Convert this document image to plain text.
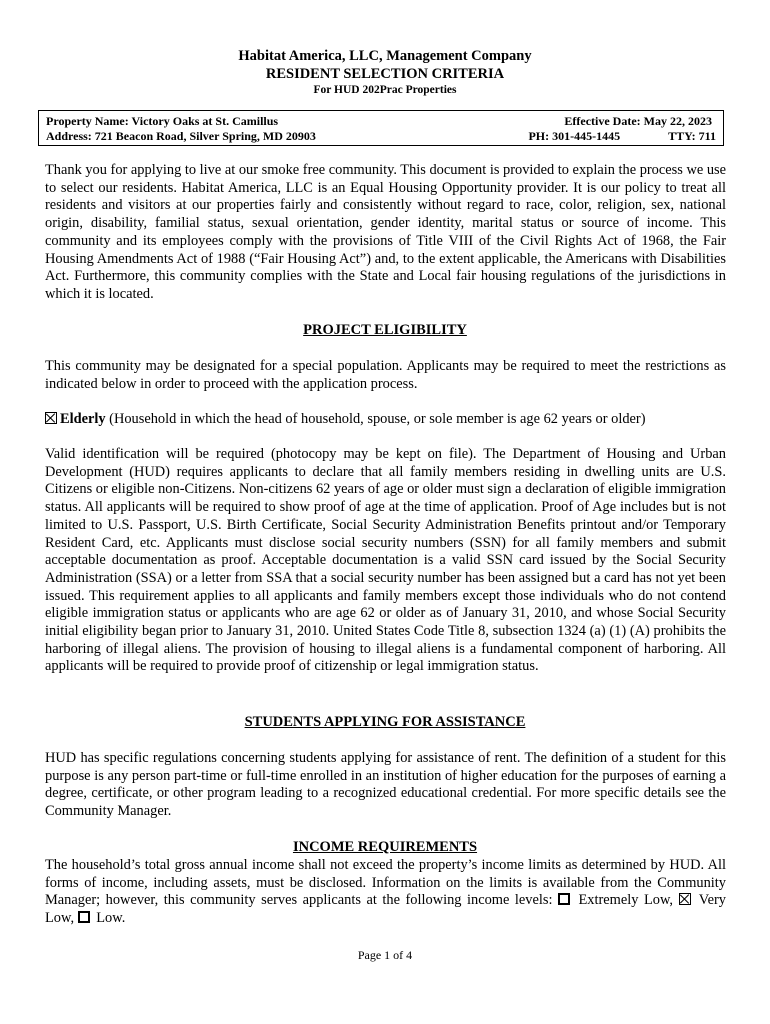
Habitat America, LLC, Management Company
RESIDENT SELECTION CRITERIA
For HUD 202Prac Properties
Property Name: Victory Oaks at St. Camillus	Effective Date: May 22, 2023
Address: 721 Beacon Road, Silver Spring, MD 20903	PH: 301-445-1445	TTY: 711

Thank you for applying to live at our smoke free community. This document is provided to explain the process we use to select our residents. Habitat America, LLC is an Equal Housing Opportunity provider. It is our policy to treat all residents and visitors at our properties fairly and consistently without regard to race, color, religion, sex, national origin, disability, familial status, sexual orientation, gender identity, marital status or source of income. This community and its employees comply with the provisions of Title VIII of the Civil Rights Act of 1968, the Fair Housing Amendments Act of 1988 (“Fair Housing Act”) and, to the extent applicable, the Americans with Disabilities Act. Furthermore, this community complies with the State and Local fair housing regulations of the jurisdictions in which it is located.

PROJECT ELIGIBILITY

This community may be designated for a special population. Applicants may be required to meet the restrictions as indicated below in order to proceed with the application process.

Elderly (Household in which the head of household, spouse, or sole member is age 62 years or older)

Valid identification will be required (photocopy may be kept on file). The Department of Housing and Urban Development (HUD) requires applicants to declare that all family members residing in dwelling units are U.S. Citizens or eligible non-Citizens. Non-citizens 62 years of age or older must sign a declaration of eligible immigration status. All applicants will be required to show proof of age at the time of application. Proof of Age includes but is not limited to U.S. Passport, U.S. Birth Certificate, Social Security Administration Benefits printout and/or Temporary Resident Card, etc. Applicants must disclose social security numbers (SSN) for all family members and submit acceptable documentation as proof. Acceptable documentation is a valid SSN card issued by the Social Security Administration (SSA) or a letter from SSA that a social security number has been assigned but a card has not yet been issued. This requirement applies to all applicants and family members except those individuals who do not contend eligible immigration status or applicants who are age 62 or older as of January 31, 2010, and whose Social Security initial eligibility began prior to January 31, 2010. United States Code Title 8, subsection 1324 (a) (1) (A) prohibits the harboring of illegal aliens. The provision of housing to illegal aliens is a fundamental component of harboring. All applicants will be required to provide proof of citizenship or legal immigration status.

STUDENTS APPLYING FOR ASSISTANCE

HUD has specific regulations concerning students applying for assistance of rent. The definition of a student for this purpose is any person part-time or full-time enrolled in an institution of higher education for the purposes of earning a degree, certificate, or other program leading to a recognized educational credential. For more specific details see the Community Manager.

INCOME REQUIREMENTS

The household’s total gross annual income shall not exceed the property’s income limits as determined by HUD. All forms of income, including assets, must be disclosed. Information on the limits is available from the Community Manager; however, this community serves applicants at the following income levels:  Extremely Low,  Very Low,  Low.

Page 1 of 4
